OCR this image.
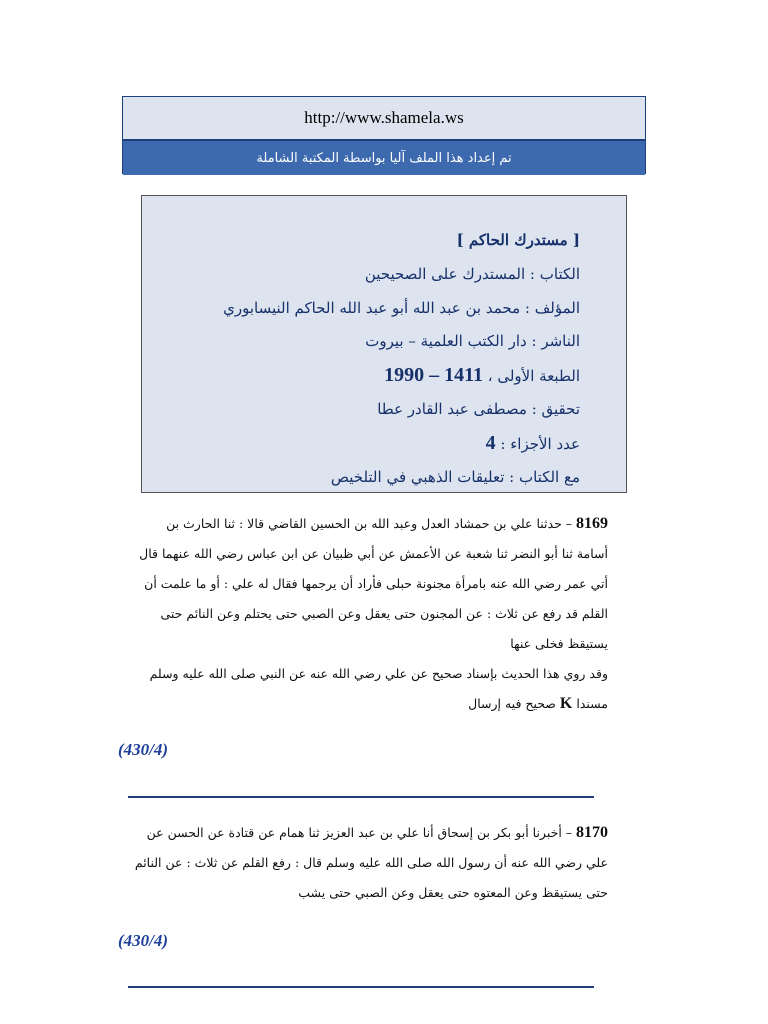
http://www.shamela.ws
تم إعداد هذا الملف آليا بواسطة المكتبة الشاملة
[ مستدرك الحاكم ]
الكتاب : المستدرك على الصحيحين
المؤلف : محمد بن عبد الله أبو عبد الله الحاكم النيسابوري
الناشر : دار الكتب العلمية – بيروت
الطبعة الأولى ، 1411 – 1990
تحقيق : مصطفى عبد القادر عطا
عدد الأجزاء : 4
مع الكتاب : تعليقات الذهبي في التلخيص
8169 – حدثنا علي بن حمشاد العدل وعبد الله بن الحسين القاضي قالا : ثنا الحارث بن
أسامة ثنا أبو النضر ثنا شعبة عن الأعمش عن أبي ظبيان عن ابن عباس رضي الله عنهما قال
أتي عمر رضي الله عنه بامرأة مجنونة حبلى فأراد أن يرجمها فقال له علي : أو ما علمت أن
القلم قد رفع عن ثلاث : عن المجنون حتى يعقل وعن الصبي حتى يحتلم وعن النائم حتى
يستيقظ فخلى عنها
وقد روي هذا الحديث بإسناد صحيح عن علي رضي الله عنه عن النبي صلى الله عليه وسلم
مسندا K صحيح فيه إرسال
(430/4)
8170 – أخبرنا أبو بكر بن إسحاق أنا علي بن عبد العزيز ثنا همام عن قتادة عن الحسن عن
علي رضي الله عنه أن رسول الله صلى الله عليه وسلم قال : رفع القلم عن ثلاث : عن النائم
حتى يستيقظ وعن المعتوه حتى يعقل وعن الصبي حتى يشب
(430/4)
